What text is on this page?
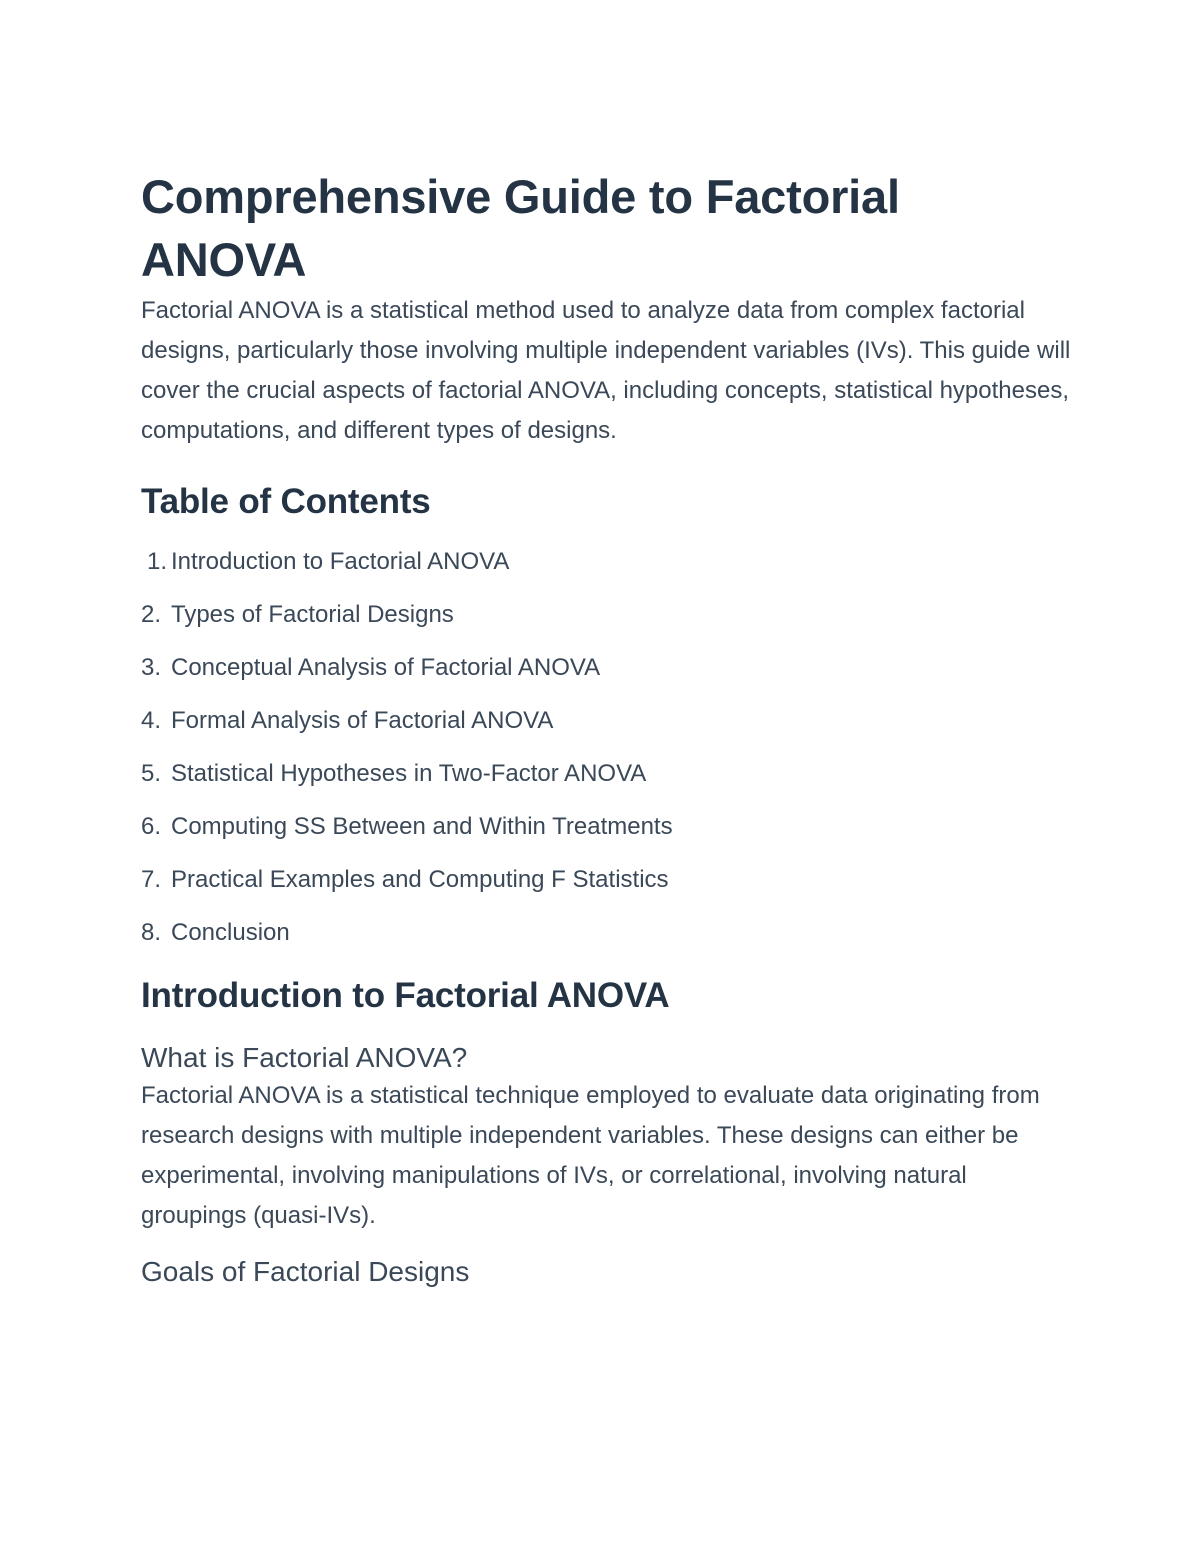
Comprehensive Guide to Factorial ANOVA

Factorial ANOVA is a statistical method used to analyze data from complex factorial designs, particularly those involving multiple independent variables (IVs). This guide will cover the crucial aspects of factorial ANOVA, including concepts, statistical hypotheses, computations, and different types of designs.

Table of Contents
1. Introduction to Factorial ANOVA
2. Types of Factorial Designs
3. Conceptual Analysis of Factorial ANOVA
4. Formal Analysis of Factorial ANOVA
5. Statistical Hypotheses in Two-Factor ANOVA
6. Computing SS Between and Within Treatments
7. Practical Examples and Computing F Statistics
8. Conclusion
Introduction to Factorial ANOVA
What is Factorial ANOVA?

Factorial ANOVA is a statistical technique employed to evaluate data originating from research designs with multiple independent variables. These designs can either be experimental, involving manipulations of IVs, or correlational, involving natural groupings (quasi-IVs).

Goals of Factorial Designs
